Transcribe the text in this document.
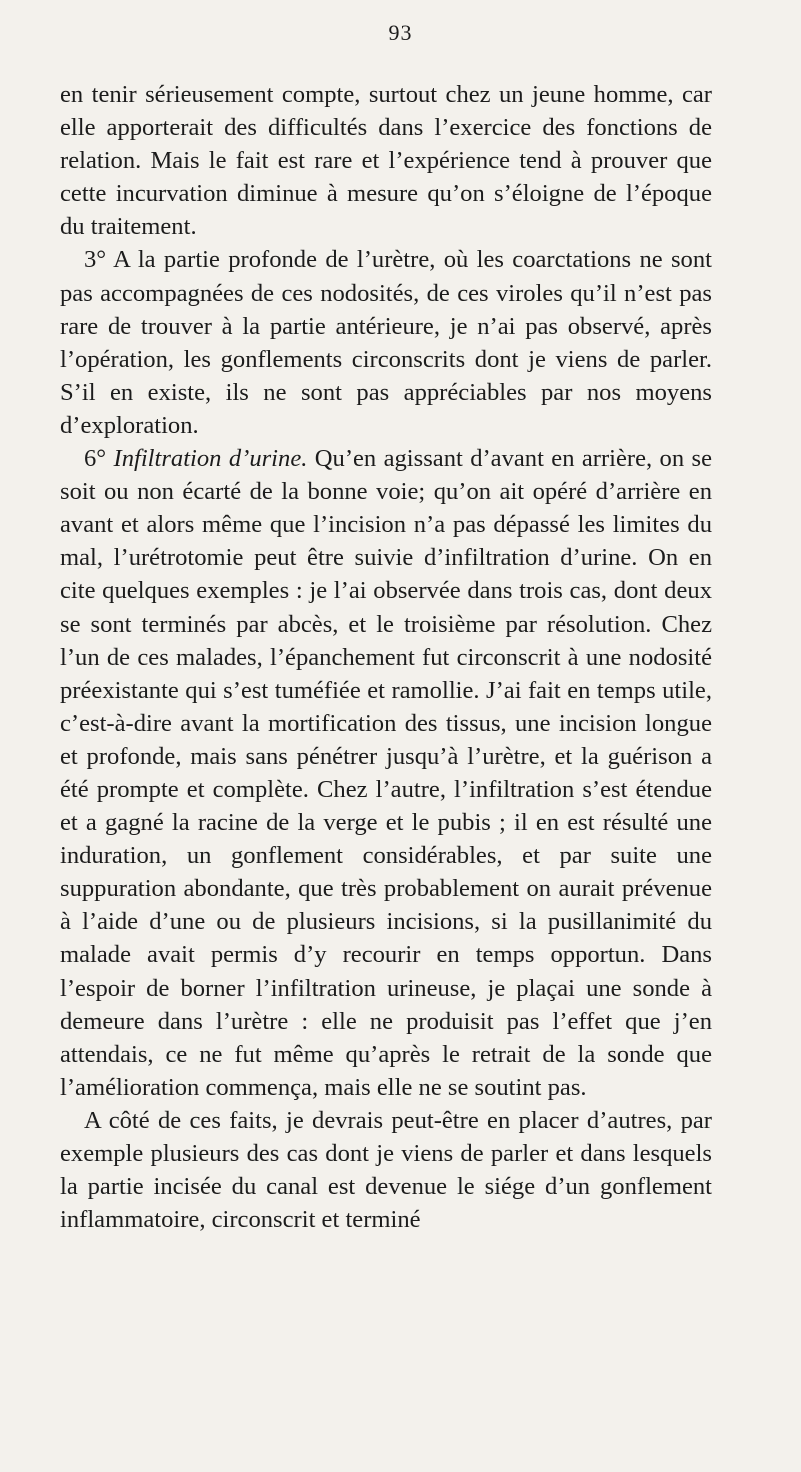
93

en tenir sérieusement compte, surtout chez un jeune homme, car elle apporterait des difficultés dans l’exercice des fonctions de relation. Mais le fait est rare et l’expérience tend à prouver que cette incurvation diminue à mesure qu’on s’éloigne de l’époque du traitement.

3° A la partie profonde de l’urètre, où les coarctations ne sont pas accompagnées de ces nodosités, de ces viroles qu’il n’est pas rare de trouver à la partie antérieure, je n’ai pas observé, après l’opération, les gonflements circonscrits dont je viens de parler. S’il en existe, ils ne sont pas appréciables par nos moyens d’exploration.

6° Infiltration d’urine. Qu’en agissant d’avant en arrière, on se soit ou non écarté de la bonne voie; qu’on ait opéré d’arrière en avant et alors même que l’incision n’a pas dépassé les limites du mal, l’urétrotomie peut être suivie d’infiltration d’urine. On en cite quelques exemples : je l’ai observée dans trois cas, dont deux se sont terminés par abcès, et le troisième par résolution. Chez l’un de ces malades, l’épanchement fut circonscrit à une nodosité préexistante qui s’est tuméfiée et ramollie. J’ai fait en temps utile, c’est-à-dire avant la mortification des tissus, une incision longue et profonde, mais sans pénétrer jusqu’à l’urètre, et la guérison a été prompte et complète. Chez l’autre, l’infiltration s’est étendue et a gagné la racine de la verge et le pubis ; il en est résulté une induration, un gonflement considérables, et par suite une suppuration abondante, que très probablement on aurait prévenue à l’aide d’une ou de plusieurs incisions, si la pusillanimité du malade avait permis d’y recourir en temps opportun. Dans l’espoir de borner l’infiltration urineuse, je plaçai une sonde à demeure dans l’urètre : elle ne produisit pas l’effet que j’en attendais, ce ne fut même qu’après le retrait de la sonde que l’amélioration commença, mais elle ne se soutint pas.

A côté de ces faits, je devrais peut-être en placer d’autres, par exemple plusieurs des cas dont je viens de parler et dans lesquels la partie incisée du canal est devenue le siége d’un gonflement inflammatoire, circonscrit et terminé
